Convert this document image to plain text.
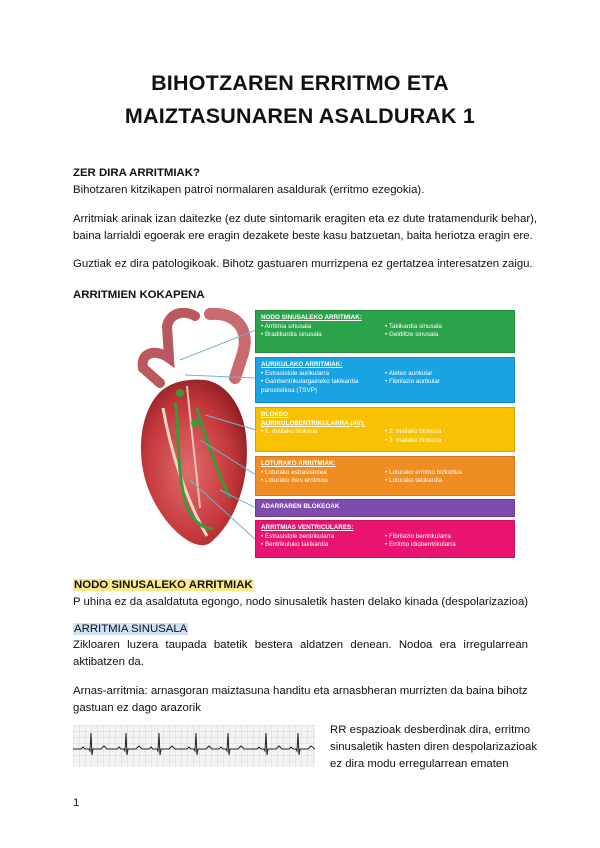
BIHOTZAREN ERRITMO ETA
MAIZTASUNAREN ASALDURAK 1
ZER DIRA ARRITMIAK?
Bihotzaren kitzikapen patroi normalaren asaldurak (erritmo ezegokia).
Arritmiak arinak izan daitezke (ez dute sintomarik eragiten eta ez dute tratamendurik behar),
baina larrialdi egoerak ere eragin dezakete beste kasu batzuetan, baita heriotza eragin ere.
Guztiak ez dira patologikoak. Bihotz gastuaren murrizpena ez gertatzea interesatzen zaigu.
ARRITMIEN KOKAPENA
NODO SINUSALEKO ARRITMIAK:
• Arritmia sinusala
• Bradikardia sinusala
• Takikardia sinusala
• Geldiltze sinusala
AURIKULAKO ARRITMIAK:
• Estrasistole aurikularra
• Gainbentrikulargaineko takikardia paroxistikoa (TSVP)
• Aleteo aurikular
• Fibrilazio aurikular
BLOKEO
AURIKULOBENTRIKULARRA (AV):
• 1. mailako blokeoa
•	2. mailako blokeoa
• 3. mailako blokeoa
LOTURAKO ARRITMIAK:
• Loturako estrasistolea
• Loturako ihes erritmoa
• Loturako erritmo bizkortua
• Loturako takikardia
ADARRAREN BLOKEOAK
ARRITMIAS VENTRICULARES:
• Estrasistole bentrikularra
• Bentrikuluko takikardia
• Fibrilazio bentrikularra
• Erritmo idiobentrikularra
NODO SINUSALEKO ARRITMIAK
P uhina ez da asaldatuta egongo, nodo sinusaletik hasten delako kinada (despolarizazioa)
ARRITMIA SINUSALA
Zikloaren luzera taupada batetik bestera aldatzen denean. Nodoa era irregularrean aktibatzen da.
Arnas-arritmia: arnasgoran maiztasuna handitu eta arnasbheran murrizten da baina bihotz
gastuan ez dago arazorik
RR espazioak desberdinak dira, erritmo
sinusaletik hasten diren despolarizazioak
ez dira modu erregularrean ematen
1
